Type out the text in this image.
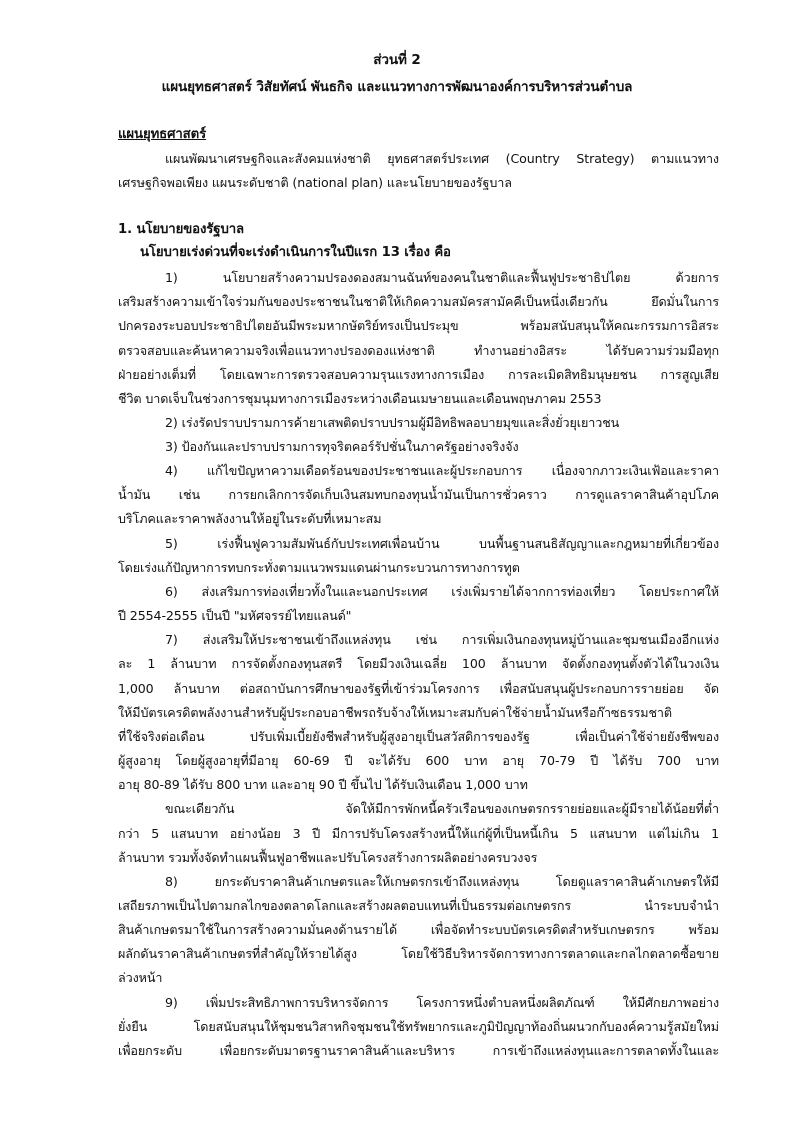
ส่วนที่ 2
แผนยุทธศาสตร์ วิสัยทัศน์ พันธกิจ และแนวทางการพัฒนาองค์การบริหารส่วนตำบล
แผนยุทธศาสตร์
แผนพัฒนาเศรษฐกิจและสังคมแห่งชาติ ยุทธศาสตร์ประเทศ (Country Strategy) ตามแนวทาง
เศรษฐกิจพอเพียง แผนระดับชาติ (national plan) และนโยบายของรัฐบาล
1. นโยบายของรัฐบาล
นโยบายเร่งด่วนที่จะเร่งดำเนินการในปีแรก 13 เรื่อง คือ
1) นโยบายสร้างความปรองดองสมานฉันท์ของคนในชาติและฟื้นฟูประชาธิปไตย ด้วยการ
เสริมสร้างความเข้าใจร่วมกันของประชาชนในชาติให้เกิดความสมัครสามัคคีเป็นหนึ่งเดียวกัน ยึดมั่นในการ
ปกครองระบอบประชาธิปไตยอันมีพระมหากษัตริย์ทรงเป็นประมุข พร้อมสนับสนุนให้คณะกรรมการอิสระ
ตรวจสอบและค้นหาความจริงเพื่อแนวทางปรองดองแห่งชาติ ทำงานอย่างอิสระ ได้รับความร่วมมือทุก
ฝ่ายอย่างเต็มที่ โดยเฉพาะการตรวจสอบความรุนแรงทางการเมือง การละเมิดสิทธิมนุษยชน การสูญเสีย
ชีวิต บาดเจ็บในช่วงการชุมนุมทางการเมืองระหว่างเดือนเมษายนและเดือนพฤษภาคม 2553
2) เร่งรัดปราบปรามการค้ายาเสพติดปราบปรามผู้มีอิทธิพลอบายมุขและสิ่งยั่วยุเยาวชน
3) ป้องกันและปราบปรามการทุจริตคอร์รัปชั่นในภาครัฐอย่างจริงจัง
4) แก้ไขปัญหาความเดือดร้อนของประชาชนและผู้ประกอบการ เนื่องจากภาวะเงินเฟ้อและราคา
น้ำมัน เช่น การยกเลิกการจัดเก็บเงินสมทบกองทุนน้ำมันเป็นการชั่วคราว การดูแลราคาสินค้าอุปโภค
บริโภคและราคาพลังงานให้อยู่ในระดับที่เหมาะสม
5) เร่งฟื้นฟูความสัมพันธ์กับประเทศเพื่อนบ้าน บนพื้นฐานสนธิสัญญาและกฎหมายที่เกี่ยวข้อง
โดยเร่งแก้ปัญหาการทบกระทั่งตามแนวพรมแดนผ่านกระบวนการทางการทูต
6) ส่งเสริมการท่องเที่ยวทั้งในและนอกประเทศ เร่งเพิ่มรายได้จากการท่องเที่ยว โดยประกาศให้
ปี 2554-2555 เป็นปี "มหัศจรรย์ไทยแลนด์"
7) ส่งเสริมให้ประชาชนเข้าถึงแหล่งทุน เช่น การเพิ่มเงินกองทุนหมู่บ้านและชุมชนเมืองอีกแห่ง
ละ 1 ล้านบาท การจัดตั้งกองทุนสตรี โดยมีวงเงินเฉลี่ย 100 ล้านบาท จัดตั้งกองทุนตั้งตัวได้ในวงเงิน
1,000 ล้านบาท ต่อสถาบันการศึกษาของรัฐที่เข้าร่วมโครงการ เพื่อสนับสนุนผู้ประกอบการรายย่อย จัด
ให้มีบัตรเครดิตพลังงานสำหรับผู้ประกอบอาชีพรถรับจ้างให้เหมาะสมกับค่าใช้จ่ายน้ำมันหรือก๊าซธรรมชาติ
ที่ใช้จริงต่อเดือน ปรับเพิ่มเบี้ยยังชีพสำหรับผู้สูงอายุเป็นสวัสดิการของรัฐ เพื่อเป็นค่าใช้จ่ายยังชีพของ
ผู้สูงอายุ โดยผู้สูงอายุที่มีอายุ 60-69 ปี จะได้รับ 600 บาท อายุ 70-79 ปี ได้รับ 700 บาท
อายุ 80-89 ได้รับ 800 บาท และอายุ 90 ปี ขึ้นไป ได้รับเงินเดือน 1,000 บาท
ขณะเดียวกัน จัดให้มีการพักหนี้ครัวเรือนของเกษตรกรรายย่อยและผู้มีรายได้น้อยที่ต่ำ
กว่า 5 แสนบาท อย่างน้อย 3 ปี มีการปรับโครงสร้างหนี้ให้แก่ผู้ที่เป็นหนี้เกิน 5 แสนบาท แต่ไม่เกิน 1
ล้านบาท รวมทั้งจัดทำแผนฟื้นฟูอาชีพและปรับโครงสร้างการผลิตอย่างครบวงจร
8) ยกระดับราคาสินค้าเกษตรและให้เกษตรกรเข้าถึงแหล่งทุน โดยดูแลราคาสินค้าเกษตรให้มี
เสถียรภาพเป็นไปตามกลไกของตลาดโลกและสร้างผลตอบแทนที่เป็นธรรมต่อเกษตรกร นำระบบจำนำ
สินค้าเกษตรมาใช้ในการสร้างความมั่นคงด้านรายได้ เพื่อจัดทำระบบบัตรเครดิตสำหรับเกษตรกร พร้อม
ผลักดันราคาสินค้าเกษตรที่สำคัญให้รายได้สูง โดยใช้วิธีบริหารจัดการทางการตลาดและกลไกตลาดซื้อขาย
ล่วงหน้า
9) เพิ่มประสิทธิภาพการบริหารจัดการ โครงการหนึ่งตำบลหนึ่งผลิตภัณฑ์ ให้มีศักยภาพอย่าง
ยั่งยืน โดยสนับสนุนให้ชุมชนวิสาหกิจชุมชนใช้ทรัพยากรและภูมิปัญญาท้องถิ่นผนวกกับองค์ความรู้สมัยใหม่
เพื่อยกระดับ เพื่อยกระดับมาตรฐานราคาสินค้าและบริหาร การเข้าถึงแหล่งทุนและการตลาดทั้งในและ
